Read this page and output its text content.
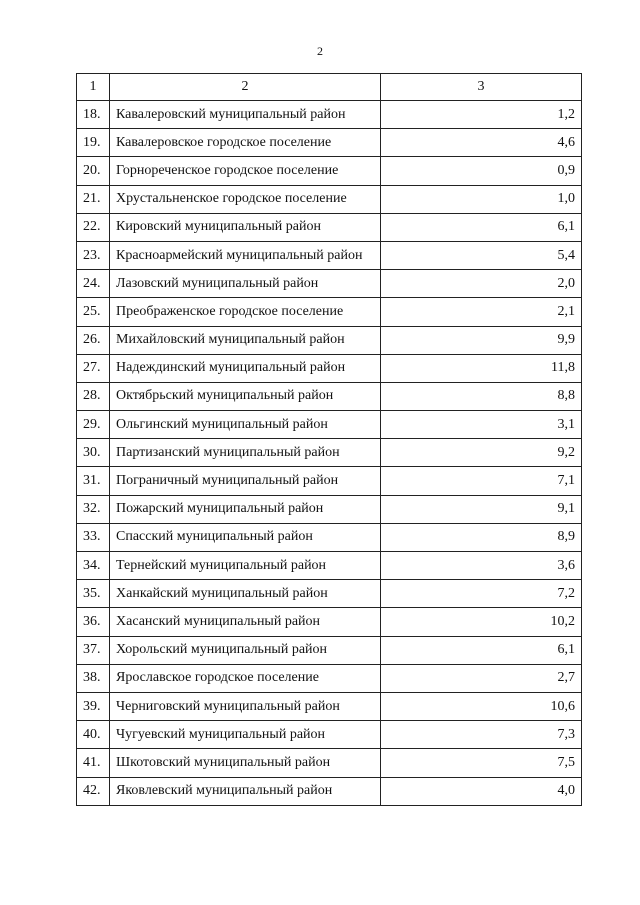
2
1	2	3
18.	Кавалеровский муниципальный район	1,2
19.	Кавалеровское городское поселение	4,6
20.	Горнореченское городское поселение	0,9
21.	Хрустальненское городское поселение	1,0
22.	Кировский муниципальный район	6,1
23.	Красноармейский муниципальный район	5,4
24.	Лазовский муниципальный район	2,0
25.	Преображенское городское поселение	2,1
26.	Михайловский муниципальный район	9,9
27.	Надеждинский муниципальный район	11,8
28.	Октябрьский муниципальный район	8,8
29.	Ольгинский муниципальный район	3,1
30.	Партизанский муниципальный район	9,2
31.	Пограничный муниципальный район	7,1
32.	Пожарский муниципальный район	9,1
33.	Спасский муниципальный район	8,9
34.	Тернейский муниципальный район	3,6
35.	Ханкайский муниципальный район	7,2
36.	Хасанский муниципальный район	10,2
37.	Хорольский муниципальный район	6,1
38.	Ярославское городское поселение	2,7
39.	Черниговский муниципальный район	10,6
40.	Чугуевский муниципальный район	7,3
41.	Шкотовский муниципальный район	7,5
42.	Яковлевский муниципальный район	4,0
